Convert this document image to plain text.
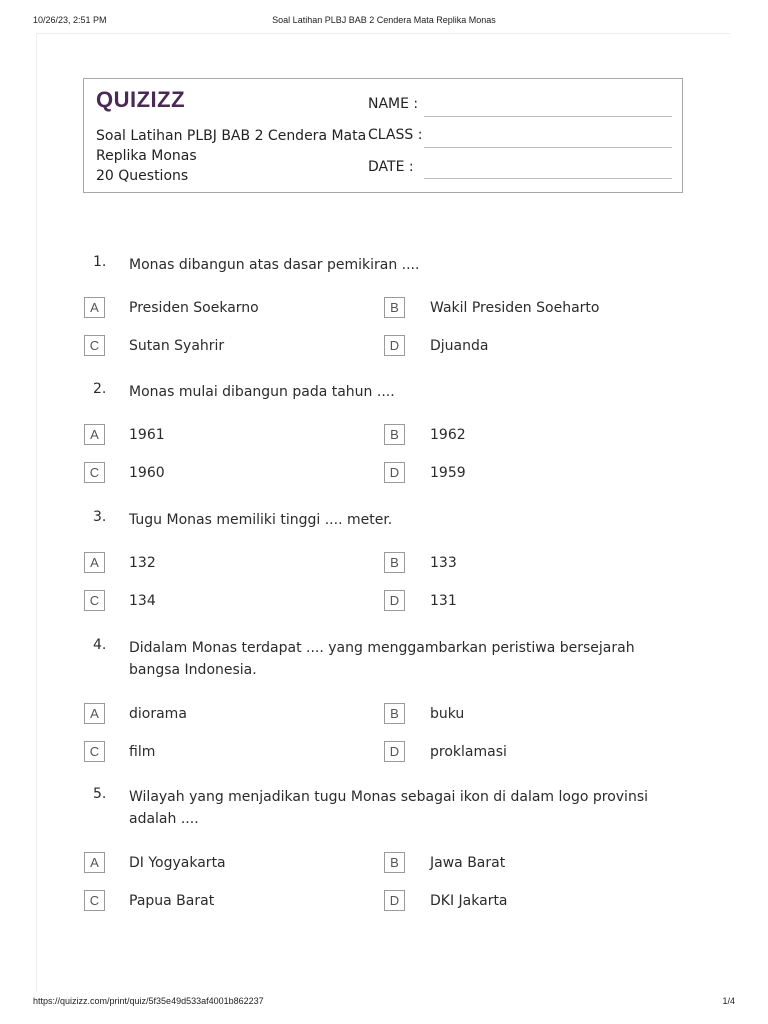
10/26/23, 2:51 PM	Soal Latihan PLBJ BAB 2 Cendera Mata Replika Monas
QUIZIZZ
Soal Latihan PLBJ BAB 2 Cendera Mata Replika Monas
20 Questions
NAME :
CLASS :
DATE :
1. Monas dibangun atas dasar pemikiran ....
A	Presiden Soekarno	B	Wakil Presiden Soeharto
C	Sutan Syahrir	D	Djuanda
2. Monas mulai dibangun pada tahun ....
A	1961	B	1962
C	1960	D	1959
3. Tugu Monas memiliki tinggi .... meter.
A	132	B	133
C	134	D	131
4. Didalam Monas terdapat .... yang menggambarkan peristiwa bersejarah bangsa Indonesia.
A	diorama	B	buku
C	film	D	proklamasi
5. Wilayah yang menjadikan tugu Monas sebagai ikon di dalam logo provinsi adalah ....
A	DI Yogyakarta	B	Jawa Barat
C	Papua Barat	D	DKI Jakarta
https://quizizz.com/print/quiz/5f35e49d533af4001b862237	1/4
